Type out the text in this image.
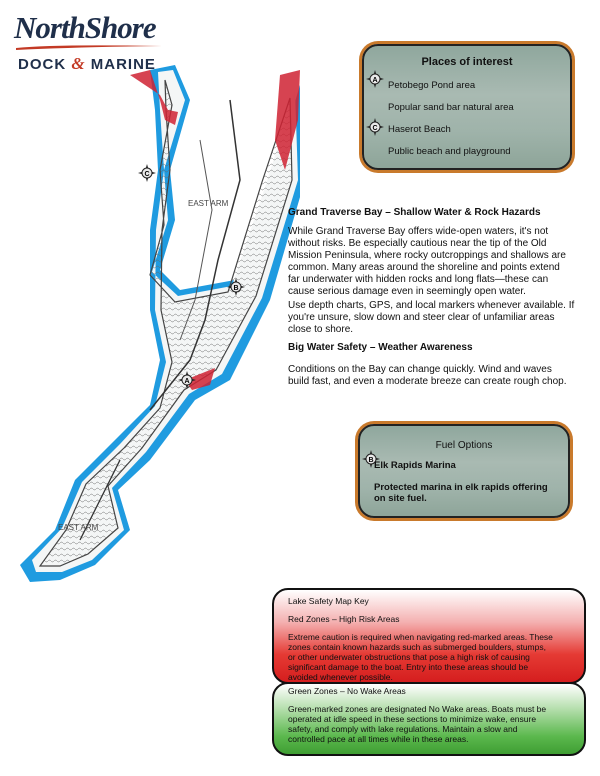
NorthShore
DOCK & MARINE
EAST ARM
EAST ARM
C
B
A
Places of interest
A Petobego Pond area
Popular sand bar natural area
C Haserot Beach
Public beach and playground
Grand Traverse Bay – Shallow Water & Rock Hazards
While Grand Traverse Bay offers wide-open waters, it's not
without risks. Be especially cautious near the tip of the Old
Mission Peninsula, where rocky outcroppings and shallows are
common. Many areas around the shoreline and points extend
far underwater with hidden rocks and long flats—these can
cause serious damage even in seemingly open water.
Use depth charts, GPS, and local markers whenever available. If
you're unsure, slow down and steer clear of unfamiliar areas
close to shore.
Big Water Safety – Weather Awareness
Conditions on the Bay can change quickly. Wind and waves
build fast, and even a moderate breeze can create rough chop.
Fuel Options
B Elk Rapids Marina
Protected marina in elk rapids offering
on site fuel.
Lake Safety Map Key
Red Zones – High Risk Areas
Extreme caution is required when navigating red-marked areas. These
zones contain known hazards such as submerged boulders, stumps,
or other underwater obstructions that pose a high risk of causing
significant damage to the boat. Entry into these areas should be
avoided whenever possible.
Green Zones – No Wake Areas
Green-marked zones are designated No Wake areas. Boats must be
operated at idle speed in these sections to minimize wake, ensure
safety, and comply with lake regulations. Maintain a slow and
controlled pace at all times while in these areas.
